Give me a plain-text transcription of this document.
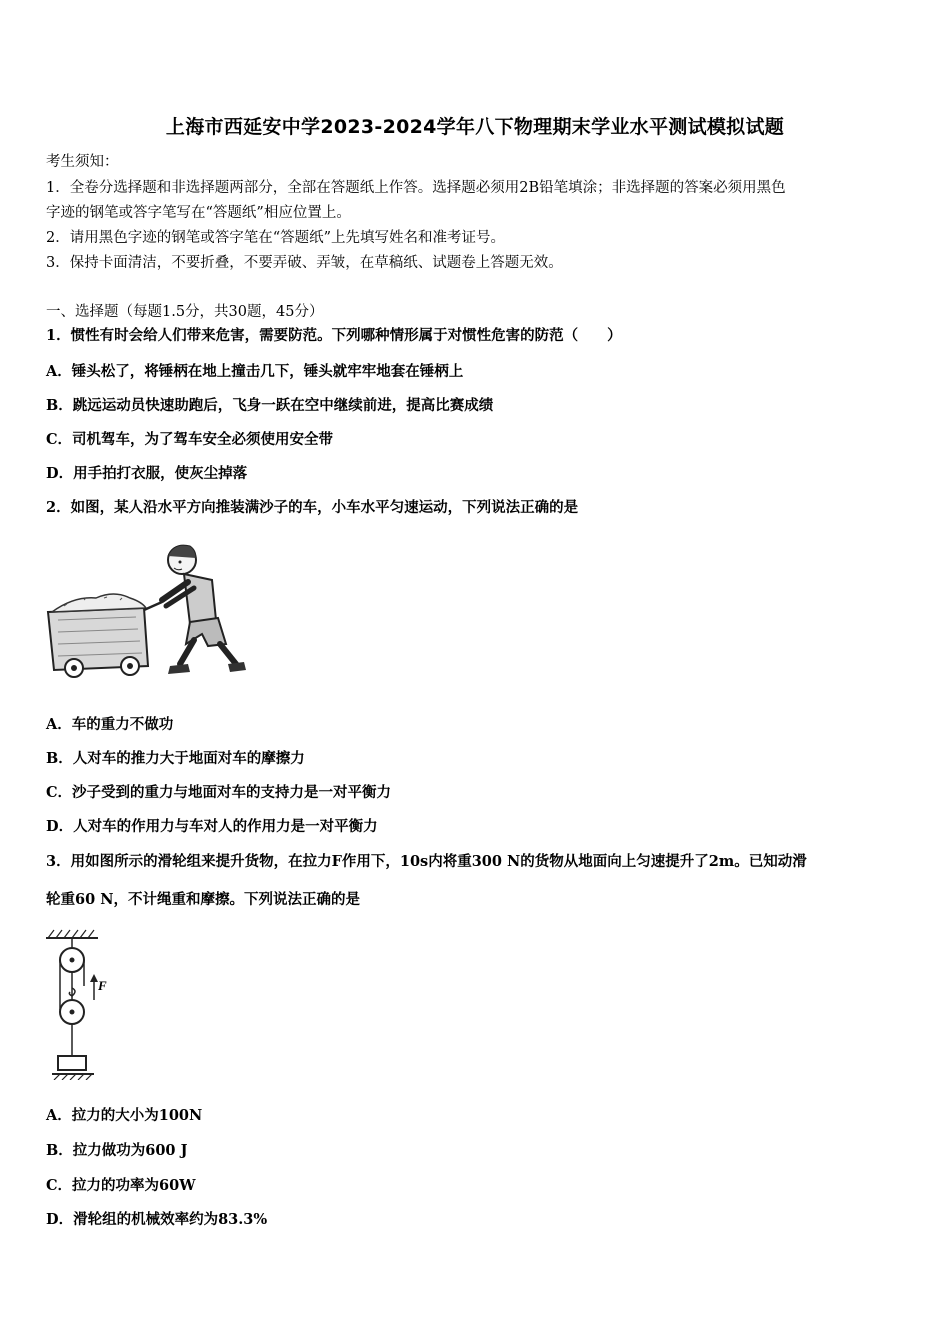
上海市西延安中学2023-2024学年八下物理期末学业水平测试模拟试题
考生须知：
1．全卷分选择题和非选择题两部分，全部在答题纸上作答。选择题必须用2B铅笔填涂；非选择题的答案必须用黑色
字迹的钢笔或答字笔写在“答题纸”相应位置上。
2．请用黑色字迹的钢笔或答字笔在“答题纸”上先填写姓名和准考证号。
3．保持卡面清洁，不要折叠，不要弄破、弄皱，在草稿纸、试题卷上答题无效。
一、选择题（每题1.5分，共30题，45分）
1．惯性有时会给人们带来危害，需要防范。下列哪种情形属于对惯性危害的防范（　　）
A．锤头松了，将锤柄在地上撞击几下，锤头就牢牢地套在锤柄上
B．跳远运动员快速助跑后，飞身一跃在空中继续前进，提高比赛成绩
C．司机驾车，为了驾车安全必须使用安全带
D．用手拍打衣服，使灰尘掉落
2．如图，某人沿水平方向推装满沙子的车，小车水平匀速运动，下列说法正确的是
A．车的重力不做功
B．人对车的推力大于地面对车的摩擦力
C．沙子受到的重力与地面对车的支持力是一对平衡力
D．人对车的作用力与车对人的作用力是一对平衡力
3．用如图所示的滑轮组来提升货物，在拉力F作用下，10s内将重300 N的货物从地面向上匀速提升了2m。已知动滑
轮重60 N，不计绳重和摩擦。下列说法正确的是
F
A．拉力的大小为100N
B．拉力做功为600 J
C．拉力的功率为60W
D．滑轮组的机械效率约为83.3%
